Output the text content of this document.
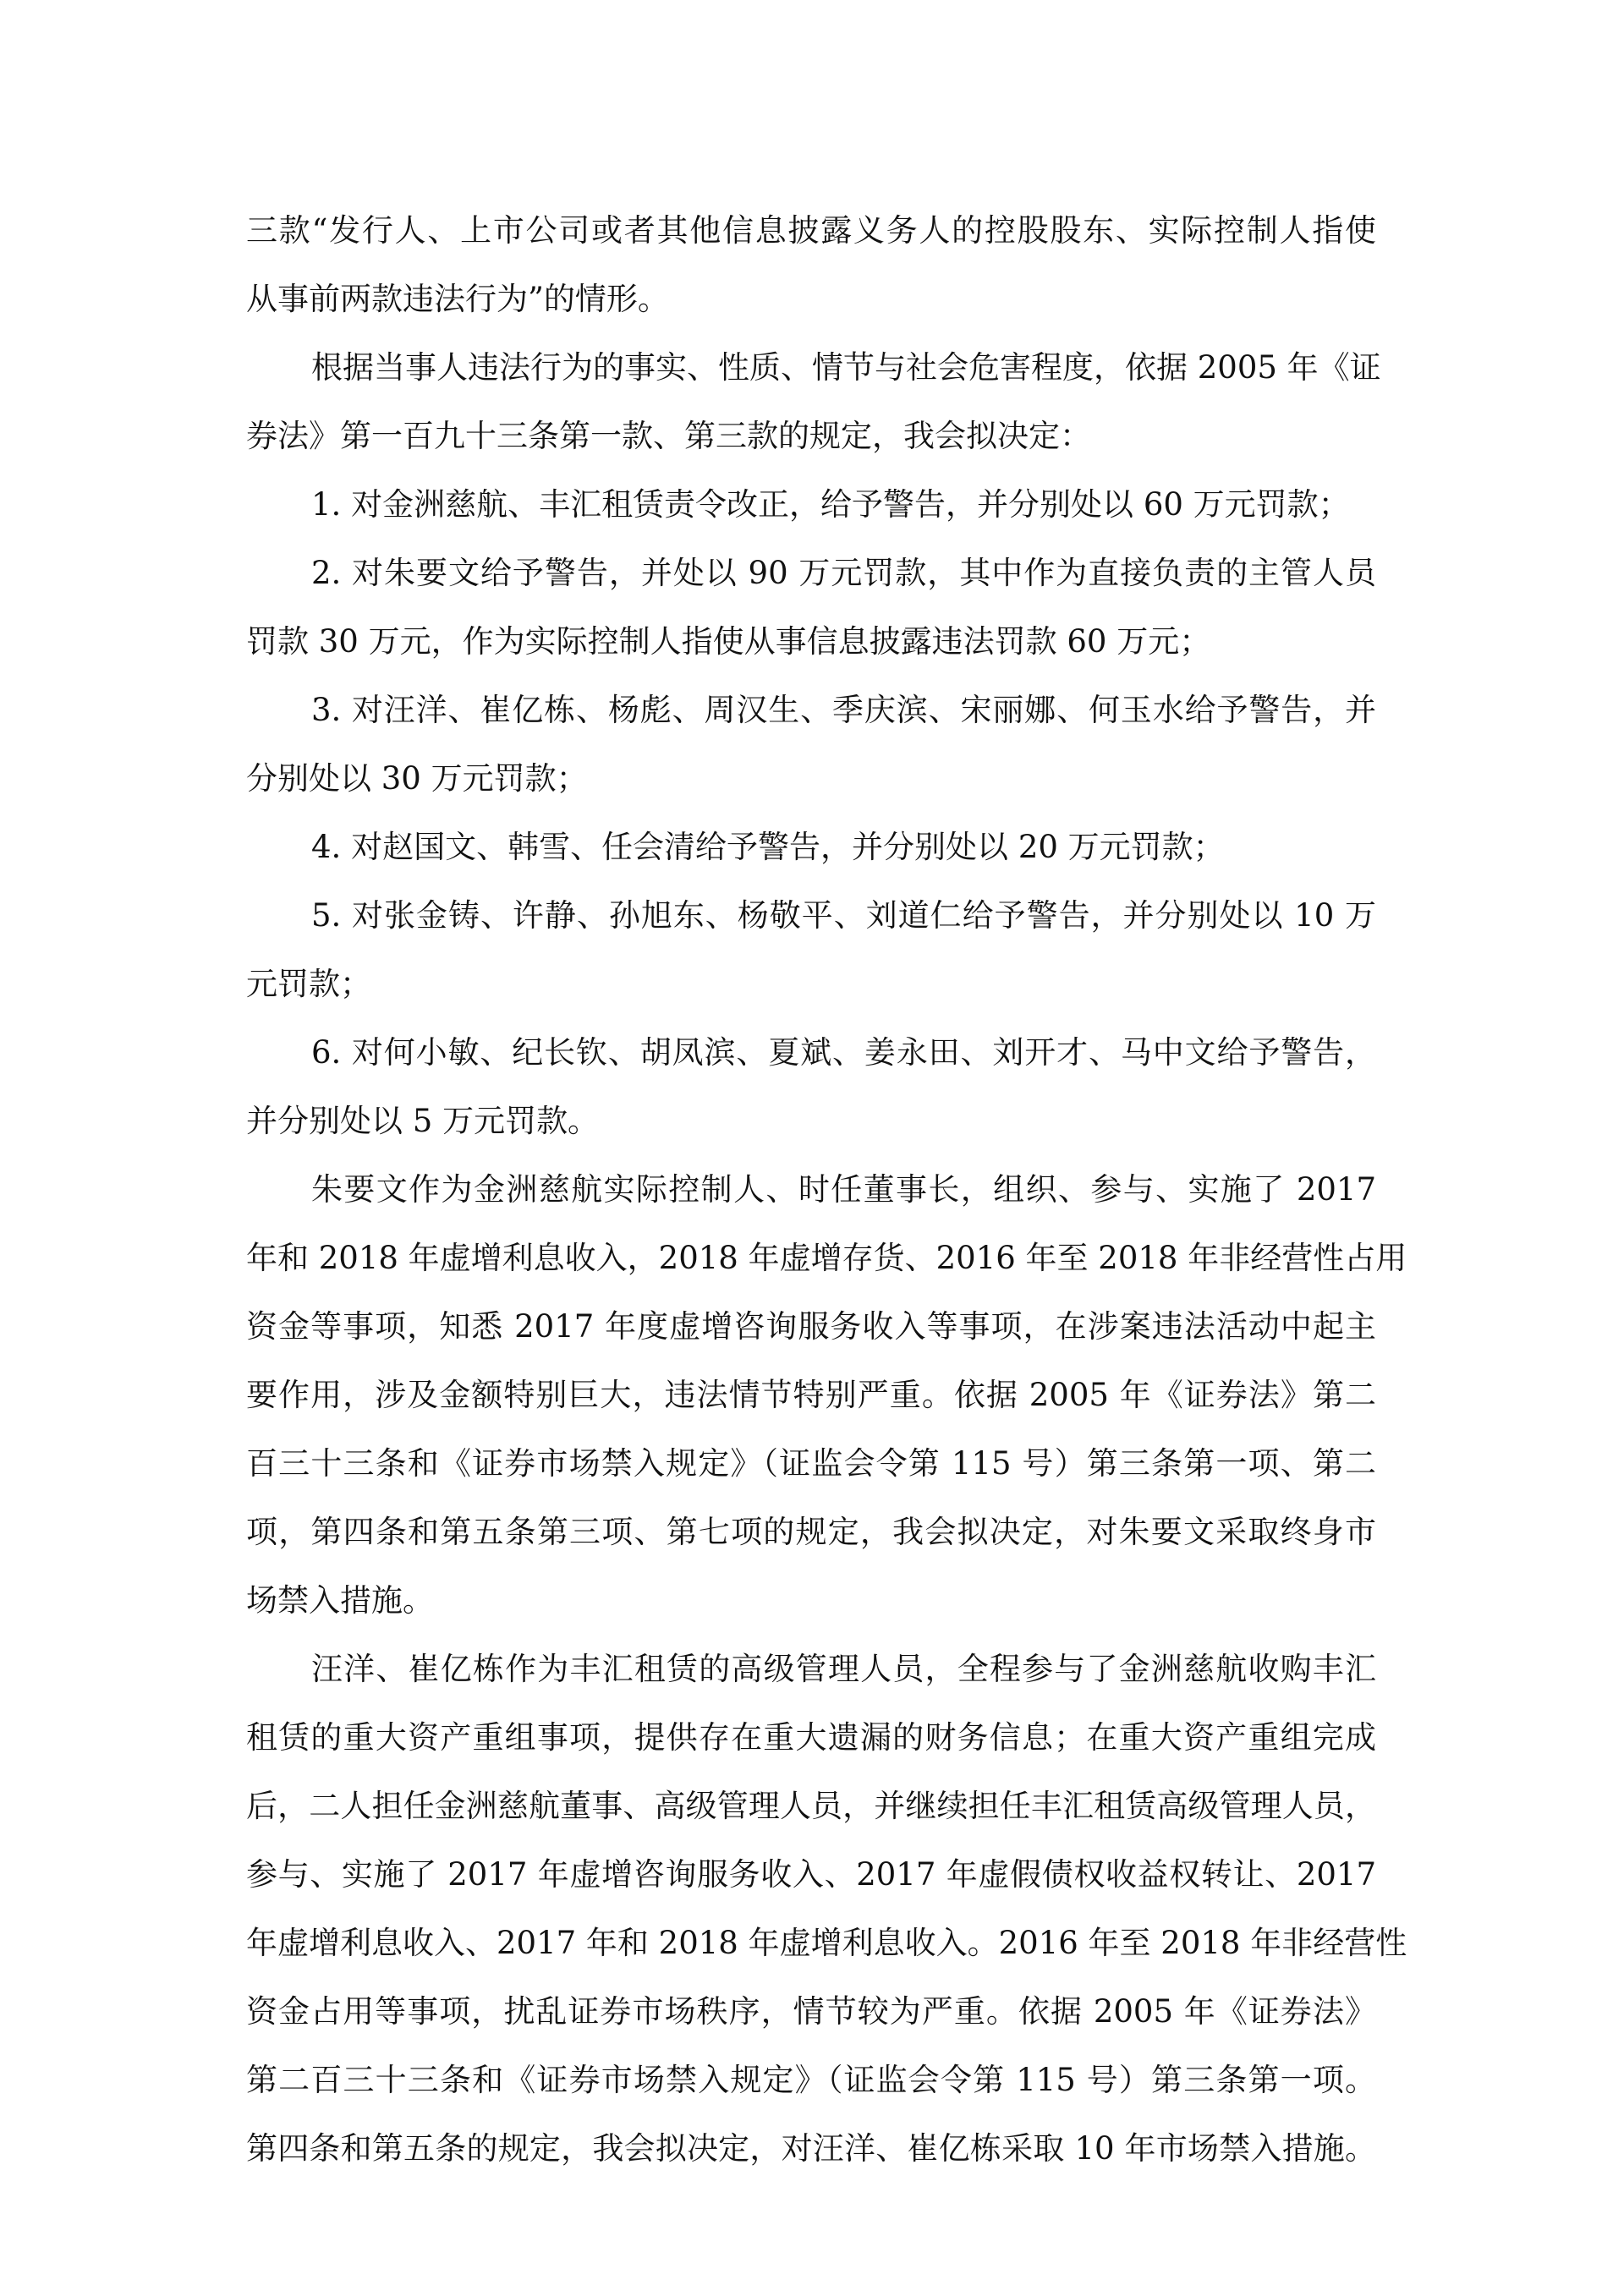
三款“发行人、上市公司或者其他信息披露义务人的控股股东、实际控制人指使
从事前两款违法行为”的情形。
根据当事人违法行为的事实、性质、情节与社会危害程度，依据 2005 年《证
券法》第一百九十三条第一款、第三款的规定，我会拟决定：
1. 对金洲慈航、丰汇租赁责令改正，给予警告，并分别处以 60 万元罚款；
2. 对朱要文给予警告，并处以 90 万元罚款，其中作为直接负责的主管人员
罚款 30 万元，作为实际控制人指使从事信息披露违法罚款 60 万元；
3. 对汪洋、崔亿栋、杨彪、周汉生、季庆滨、宋丽娜、何玉水给予警告，并
分别处以 30 万元罚款；
4. 对赵国文、韩雪、任会清给予警告，并分别处以 20 万元罚款；
5. 对张金铸、许静、孙旭东、杨敬平、刘道仁给予警告，并分别处以 10 万
元罚款；
6. 对何小敏、纪长钦、胡凤滨、夏斌、姜永田、刘开才、马中文给予警告，
并分别处以 5 万元罚款。
朱要文作为金洲慈航实际控制人、时任董事长，组织、参与、实施了 2017
年和 2018 年虚增利息收入，2018 年虚增存货、2016 年至 2018 年非经营性占用
资金等事项，知悉 2017 年度虚增咨询服务收入等事项，在涉案违法活动中起主
要作用，涉及金额特别巨大，违法情节特别严重。依据 2005 年《证券法》第二
百三十三条和《证券市场禁入规定》（证监会令第 115 号）第三条第一项、第二
项，第四条和第五条第三项、第七项的规定，我会拟决定，对朱要文采取终身市
场禁入措施。
汪洋、崔亿栋作为丰汇租赁的高级管理人员，全程参与了金洲慈航收购丰汇
租赁的重大资产重组事项，提供存在重大遗漏的财务信息；在重大资产重组完成
后，二人担任金洲慈航董事、高级管理人员，并继续担任丰汇租赁高级管理人员，
参与、实施了 2017 年虚增咨询服务收入、2017 年虚假债权收益权转让、2017
年虚增利息收入、2017 年和 2018 年虚增利息收入。2016 年至 2018 年非经营性
资金占用等事项，扰乱证券市场秩序，情节较为严重。依据 2005 年《证券法》
第二百三十三条和《证券市场禁入规定》（证监会令第 115 号）第三条第一项。
第四条和第五条的规定，我会拟决定，对汪洋、崔亿栋采取 10 年市场禁入措施。
